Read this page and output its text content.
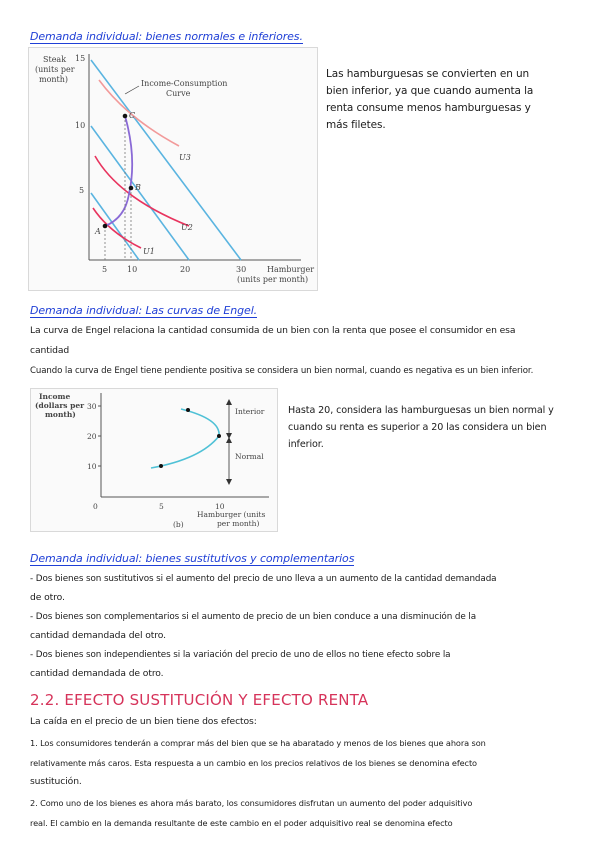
Demanda individual: bienes normales e inferiores.
Steak
(units per
month)
15
10
5
5 10	20	30	Hamburger
(units per month)
A
B
C
Income-Consumption
Curve
U3
U2
U1
Las hamburguesas se convierten en un bien inferior, ya que cuando aumenta la renta consume menos hamburguesas y más filetes.
Demanda individual: Las curvas de Engel.
La curva de Engel relaciona la cantidad consumida de un bien con la renta que posee el consumidor en esa
cantidad
Cuando la curva de Engel tiene pendiente positiva se considera un bien normal, cuando es negativa es un bien inferior.
Income
(dollars per
month)
30
20
10
0	5	10
Hamburger (units
per month)
(b)
Interior
Normal
Hasta 20, considera las hamburguesas un bien normal y cuando su renta es superior a 20 las considera un bien inferior.
Demanda individual: bienes sustitutivos y complementarios
- Dos bienes son sustitutivos si el aumento del precio de uno lleva a un aumento de la cantidad demandada
de otro.
- Dos bienes son complementarios si el aumento de precio de un bien conduce a una disminución de la
cantidad demandada del otro.
- Dos bienes son independientes si la variación del precio de uno de ellos no tiene efecto sobre la
cantidad demandada de otro.
2.2. EFECTO SUSTITUCIÓN Y EFECTO RENTA
La caída en el precio de un bien tiene dos efectos:
1. Los consumidores tenderán a comprar más del bien que se ha abaratado y menos de los bienes que ahora son
relativamente más caros. Esta respuesta a un cambio en los precios relativos de los bienes se denomina efecto
sustitución.
2. Como uno de los bienes es ahora más barato, los consumidores disfrutan un aumento del poder adquisitivo
real. El cambio en la demanda resultante de este cambio en el poder adquisitivo real se denomina efecto
